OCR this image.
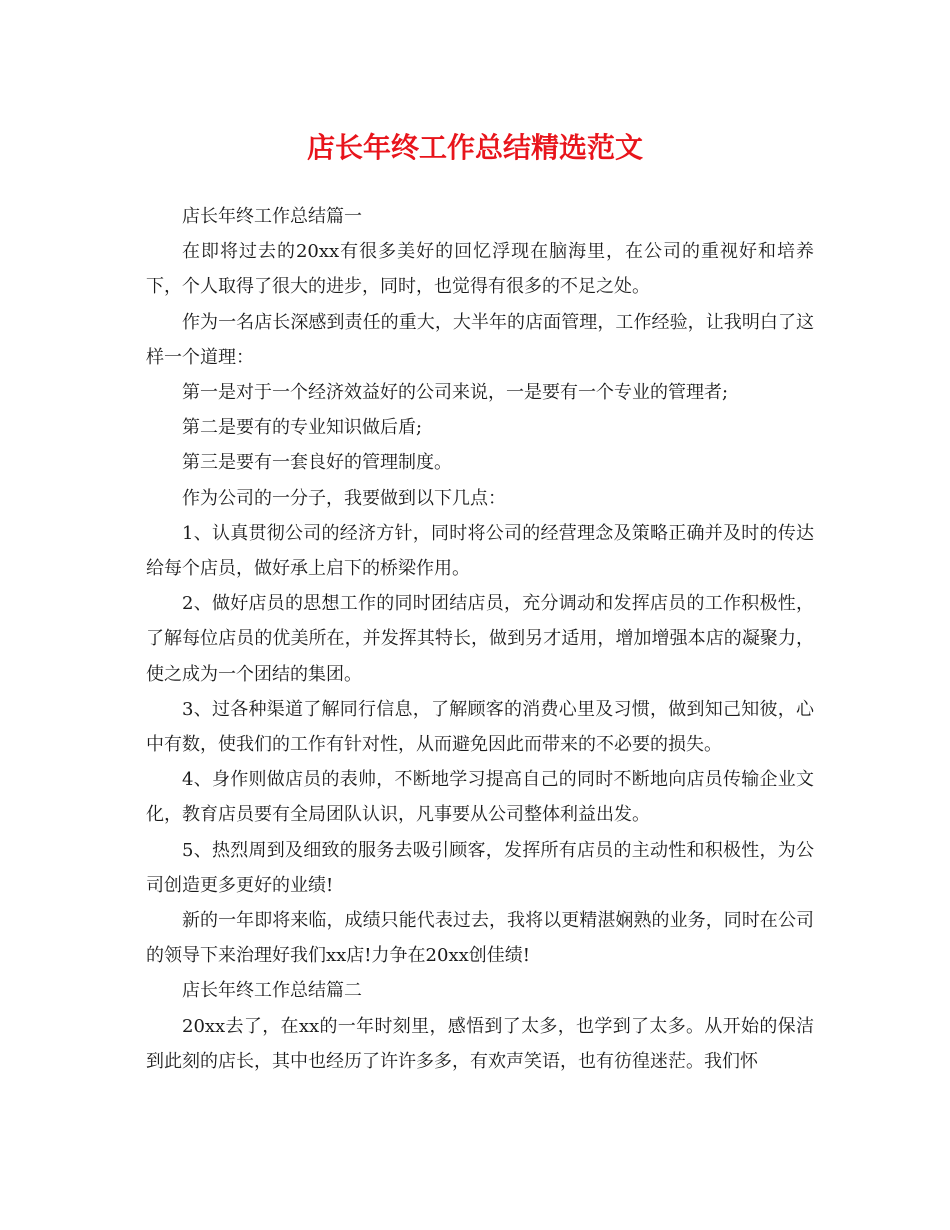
店长年终工作总结精选范文

店长年终工作总结篇一

在即将过去的20xx有很多美好的回忆浮现在脑海里，在公司的重视好和培养下，个人取得了很大的进步，同时，也觉得有很多的不足之处。

作为一名店长深感到责任的重大，大半年的店面管理，工作经验，让我明白了这样一个道理：

第一是对于一个经济效益好的公司来说，一是要有一个专业的管理者;

第二是要有的专业知识做后盾;

第三是要有一套良好的管理制度。

作为公司的一分子，我要做到以下几点：

1、认真贯彻公司的经济方针，同时将公司的经营理念及策略正确并及时的传达给每个店员，做好承上启下的桥梁作用。

2、做好店员的思想工作的同时团结店员，充分调动和发挥店员的工作积极性，了解每位店员的优美所在，并发挥其特长，做到另才适用，增加增强本店的凝聚力，使之成为一个团结的集团。

3、过各种渠道了解同行信息，了解顾客的消费心里及习惯，做到知己知彼，心中有数，使我们的工作有针对性，从而避免因此而带来的不必要的损失。

4、身作则做店员的表帅，不断地学习提高自己的同时不断地向店员传输企业文化，教育店员要有全局团队认识，凡事要从公司整体利益出发。

5、热烈周到及细致的服务去吸引顾客，发挥所有店员的主动性和积极性，为公司创造更多更好的业绩!

新的一年即将来临，成绩只能代表过去，我将以更精湛娴熟的业务，同时在公司的领导下来治理好我们xx店!力争在20xx创佳绩!

店长年终工作总结篇二

20xx去了，在xx的一年时刻里，感悟到了太多，也学到了太多。从开始的保洁到此刻的店长，其中也经历了许许多多，有欢声笑语，也有彷徨迷茫。我们怀
